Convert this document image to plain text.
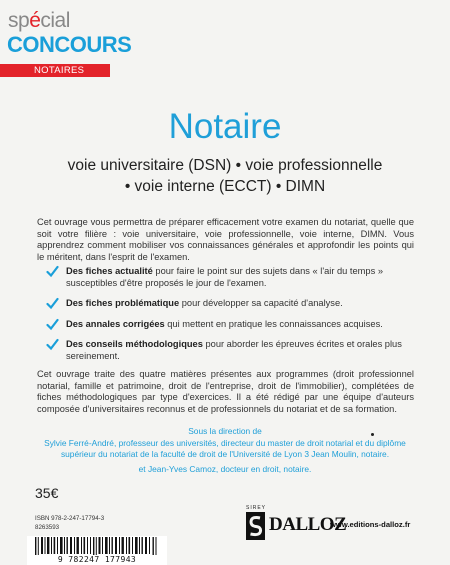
spécial
CONCOURS
NOTAIRES
Notaire
voie universitaire (DSN) • voie professionnelle
• voie interne (ECCT) • DIMN

Cet ouvrage vous permettra de préparer efficacement votre examen du notariat, quelle que soit votre filière : voie universitaire, voie professionnelle, voie interne, DIMN. Vous apprendrez comment mobiliser vos connaissances générales et approfondir les points qui le méritent, dans l'esprit de l'examen.

Des fiches actualité pour faire le point sur des sujets dans « l'air du temps » susceptibles d'être proposés le jour de l'examen.
Des fiches problématique pour développer sa capacité d'analyse.
Des annales corrigées qui mettent en pratique les connaissances acquises.
Des conseils méthodologiques pour aborder les épreuves écrites et orales plus sereinement.

Cet ouvrage traite des quatre matières présentes aux programmes (droit professionnel notarial, famille et patrimoine, droit de l'entreprise, droit de l'immobilier), complétées de fiches méthodologiques par type d'exercices. Il a été rédigé par une équipe d'auteurs composée d'universitaires reconnus et de professionnels du notariat et de sa formation.

Sous la direction de
Sylvie Ferré-André, professeur des universités, directeur du master de droit notarial et du diplôme
supérieur du notariat de la faculté de droit de l'Université de Lyon 3 Jean Moulin, notaire.
et Jean-Yves Camoz, docteur en droit, notaire.
35€
ISBN 978-2-247-17794-3
8263593
9 782247 177943
SIREY
DALLOZ
www.editions-dalloz.fr
